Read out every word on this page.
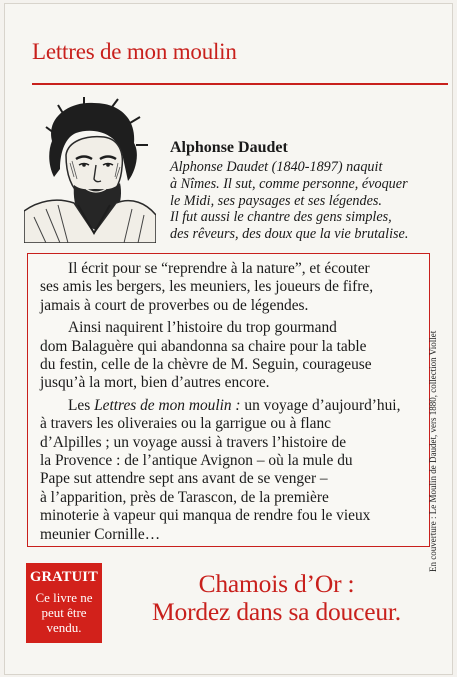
Lettres de mon moulin
Alphonse Daudet
Alphonse Daudet (1840-1897) naquit
à Nîmes. Il sut, comme personne, évoquer
le Midi, ses paysages et ses légendes.
Il fut aussi le chantre des gens simples,
des rêveurs, des doux que la vie brutalise.
Il écrit pour se “reprendre à la nature”, et écouter
ses amis les bergers, les meuniers, les joueurs de fifre,
jamais à court de proverbes ou de légendes.
Ainsi naquirent l’histoire du trop gourmand
dom Balaguère qui abandonna sa chaire pour la table
du festin, celle de la chèvre de M. Seguin, courageuse
jusqu’à la mort, bien d’autres encore.
Les Lettres de mon moulin : un voyage d’aujourd’hui,
à travers les oliveraies ou la garrigue ou à flanc
d’Alpilles ; un voyage aussi à travers l’histoire de
la Provence : de l’antique Avignon – où la mule du
Pape sut attendre sept ans avant de se venger –
à l’apparition, près de Tarascon, de la première
minoterie à vapeur qui manqua de rendre fou le vieux
meunier Cornille…	En couverture : Le Moulin de Daudet, vers 1880, collection Viollet
GRATUIT
Ce livre ne
peut être
vendu.
Chamois d’Or :
Mordez dans sa douceur.
